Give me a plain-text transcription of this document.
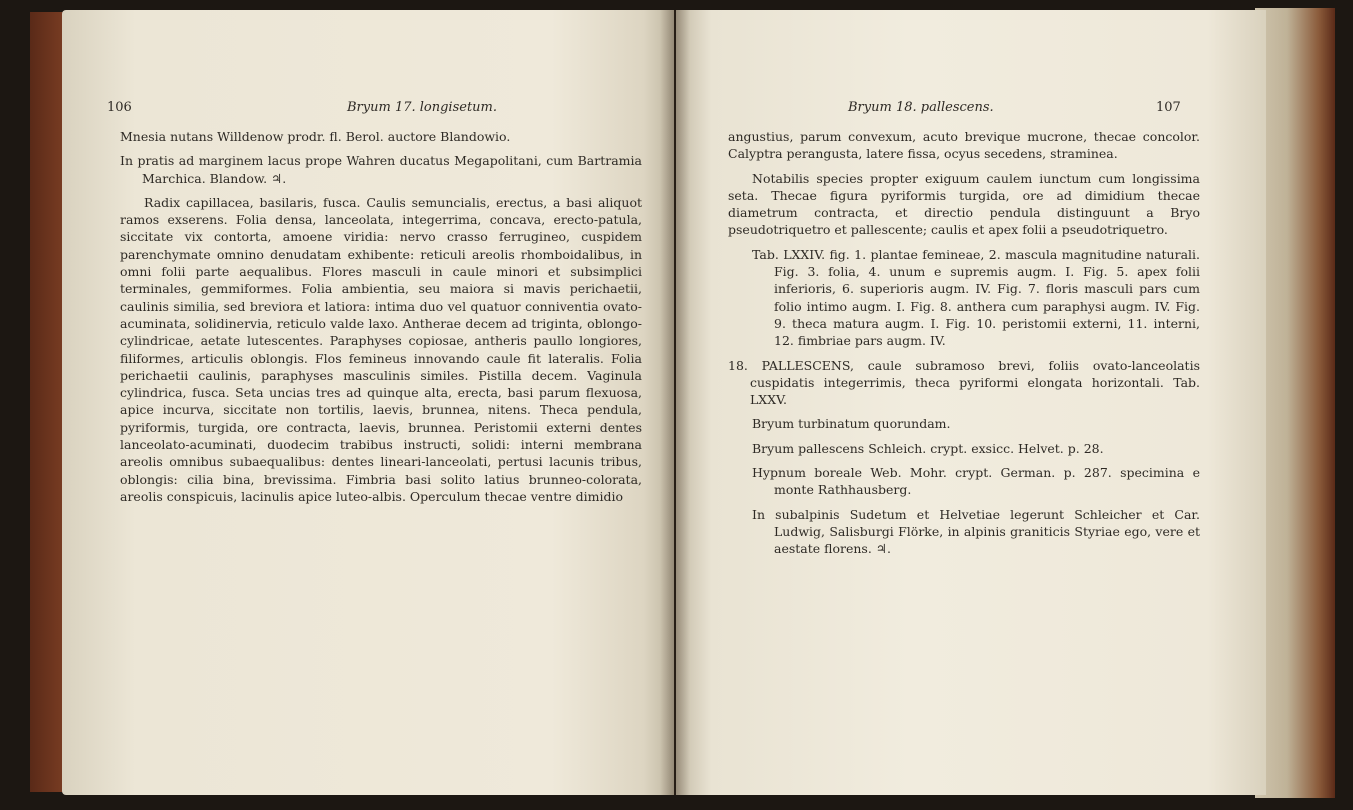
106	Bryum 17. longisetum.

Mnesia nutans Willdenow prodr. fl. Berol. auctore Blandowio.

In pratis ad marginem lacus prope Wahren ducatus Megapolitani, cum Bartramia Marchica. Blandow. ♃.

Radix capillacea, basilaris, fusca. Caulis semuncialis, erectus, a basi aliquot ramos exserens. Folia densa, lanceolata, integerrima, concava, erecto-patula, siccitate vix contorta, amoene viridia: nervo crasso ferrugineo, cuspidem parenchymate omnino denudatam exhibente: reticuli areolis rhomboidalibus, in omni folii parte aequalibus. Flores masculi in caule minori et subsimplici terminales, gemmiformes. Folia ambientia, seu maiora si mavis perichaetii, caulinis similia, sed breviora et latiora: intima duo vel quatuor conniventia ovato-acuminata, solidinervia, reticulo valde laxo. Antherae decem ad triginta, oblongo-cylindricae, aetate lutescentes. Paraphyses copiosae, antheris paullo longiores, filiformes, articulis oblongis. Flos femineus innovando caule fit lateralis. Folia perichaetii caulinis, paraphyses masculinis similes. Pistilla decem. Vaginula cylindrica, fusca. Seta uncias tres ad quinque alta, erecta, basi parum flexuosa, apice incurva, siccitate non tortilis, laevis, brunnea, nitens. Theca pendula, pyriformis, turgida, ore contracta, laevis, brunnea. Peristomii externi dentes lanceolato-acuminati, duodecim trabibus instructi, solidi: interni membrana areolis omnibus subaequalibus: dentes lineari-lanceolati, pertusi lacunis tribus, oblongis: cilia bina, brevissima. Fimbria basi solito latius brunneo-colorata, areolis conspicuis, lacinulis apice luteo-albis. Operculum thecae ventre dimidio

Bryum 18. pallescens.	107

angustius, parum convexum, acuto brevique mucrone, thecae concolor. Calyptra perangusta, latere fissa, ocyus secedens, straminea.

Notabilis species propter exiguum caulem iunctum cum longissima seta. Thecae figura pyriformis turgida, ore ad dimidium thecae diametrum contracta, et directio pendula distinguunt a Bryo pseudotriquetro et pallescente; caulis et apex folii a pseudotriquetro.

Tab. LXXIV. fig. 1. plantae femineae, 2. mascula magnitudine naturali. Fig. 3. folia, 4. unum e supremis augm. I. Fig. 5. apex folii inferioris, 6. superioris augm. IV. Fig. 7. floris masculi pars cum folio intimo augm. I. Fig. 8. anthera cum paraphysi augm. IV. Fig. 9. theca matura augm. I. Fig. 10. peristomii externi, 11. interni, 12. fimbriae pars augm. IV.

18. PALLESCENS, caule subramoso brevi, foliis ovato-lanceolatis cuspidatis integerrimis, theca pyriformi elongata horizontali. Tab. LXXV.

Bryum turbinatum quorundam.

Bryum pallescens Schleich. crypt. exsicc. Helvet. p. 28.

Hypnum boreale Web. Mohr. crypt. German. p. 287. specimina e monte Rathhausberg.

In subalpinis Sudetum et Helvetiae legerunt Schleicher et Car. Ludwig, Salisburgi Flörke, in alpinis graniticis Styriae ego, vere et aestate florens. ♃.
